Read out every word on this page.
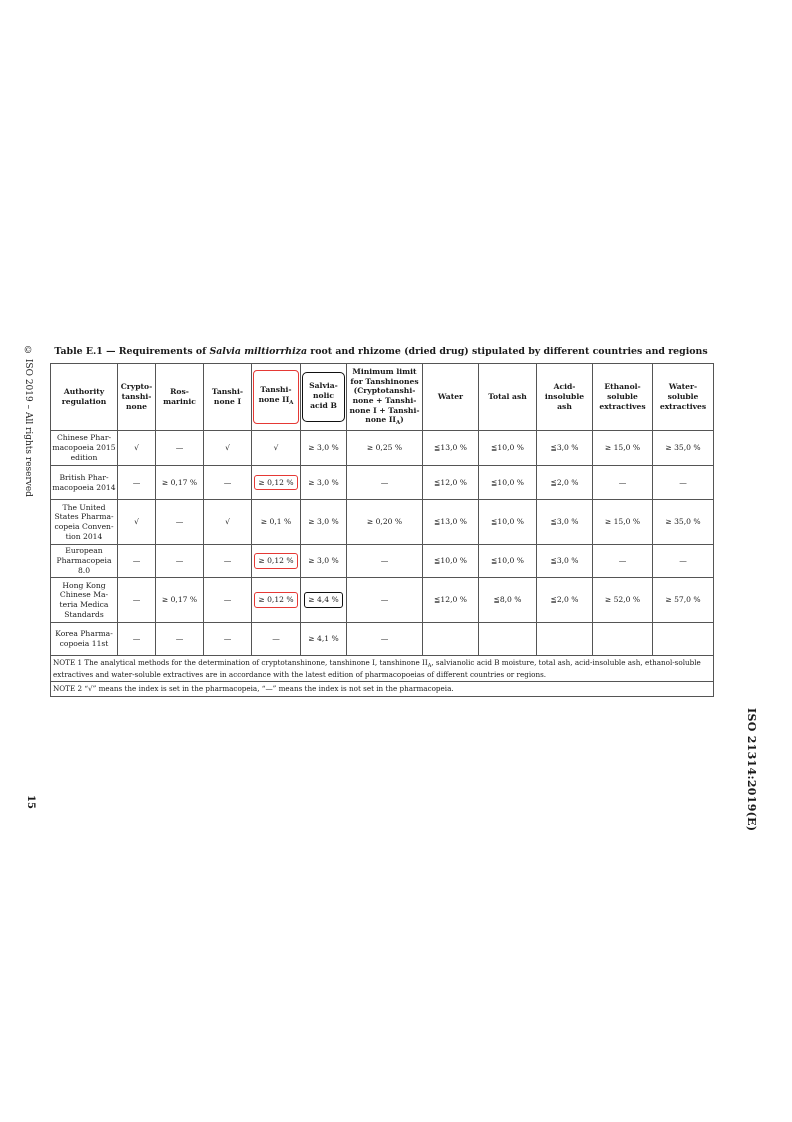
© ISO 2019 – All rights reserved
15	ISO 21314:2019(E)
Table E.1 — Requirements of Salvia miltiorrhiza root and rhizome (dried drug) stipulated by different countries and regions
Authority regulation	Crypto- tanshi- none	Ros- marinic	Tanshi- none I	Tanshi- none $II_A$	Salvia- nolic acid B	Minimum limit for Tanshinones (Cryptotanshi- none + Tanshi- none I + Tanshi- none $II_A$)	Water	Total ash	Acid- insoluble ash	Ethanol- soluble extractives	Water- soluble extractives
Chinese Phar- macopoeia 2015 edition	√	—	√	√	≥ 3,0 %	≥ 0,25 %	≦13,0 %	≦10,0 %	≦3,0 %	≥ 15,0 %	≥ 35,0 %
British Phar- macopoeia 2014	—	≥ 0,17 %	—	≥ 0,12 %	≥ 3,0 %	—	≦12,0 %	≦10,0 %	≦2,0 %	—	—
The United States Pharma- copeia Conven- tion 2014	√	—	√	≥ 0,1 %	≥ 3,0 %	≥ 0,20 %	≦13,0 %	≦10,0 %	≦3,0 %	≥ 15,0 %	≥ 35,0 %
European Pharmacopeia 8.0	—	—	—	≥ 0,12 %	≥ 3,0 %	—	≦10,0 %	≦10,0 %	≦3,0 %	—	—
Hong Kong Chinese Ma- teria Medica Standards	—	≥ 0,17 %	—	≥ 0,12 %	≥ 4,4 %	—	≦12,0 %	≦8,0 %	≦2,0 %	≥ 52,0 %	≥ 57,0 %
Korea Pharma- copoeia 11st	—	—	—	—	≥ 4,1 %	—					
NOTE 1 The analytical methods for the determination of cryptotanshinone, tanshinone I, tanshinone $II_A$, salvianolic acid B moisture, total ash, acid-insoluble ash, ethanol-soluble extractives and water-soluble extractives are in accordance with the latest edition of pharmacopoeias of different countries or regions.											
NOTE 2 “√” means the index is set in the pharmacopeia, “—” means the index is not set in the pharmacopeia.											
